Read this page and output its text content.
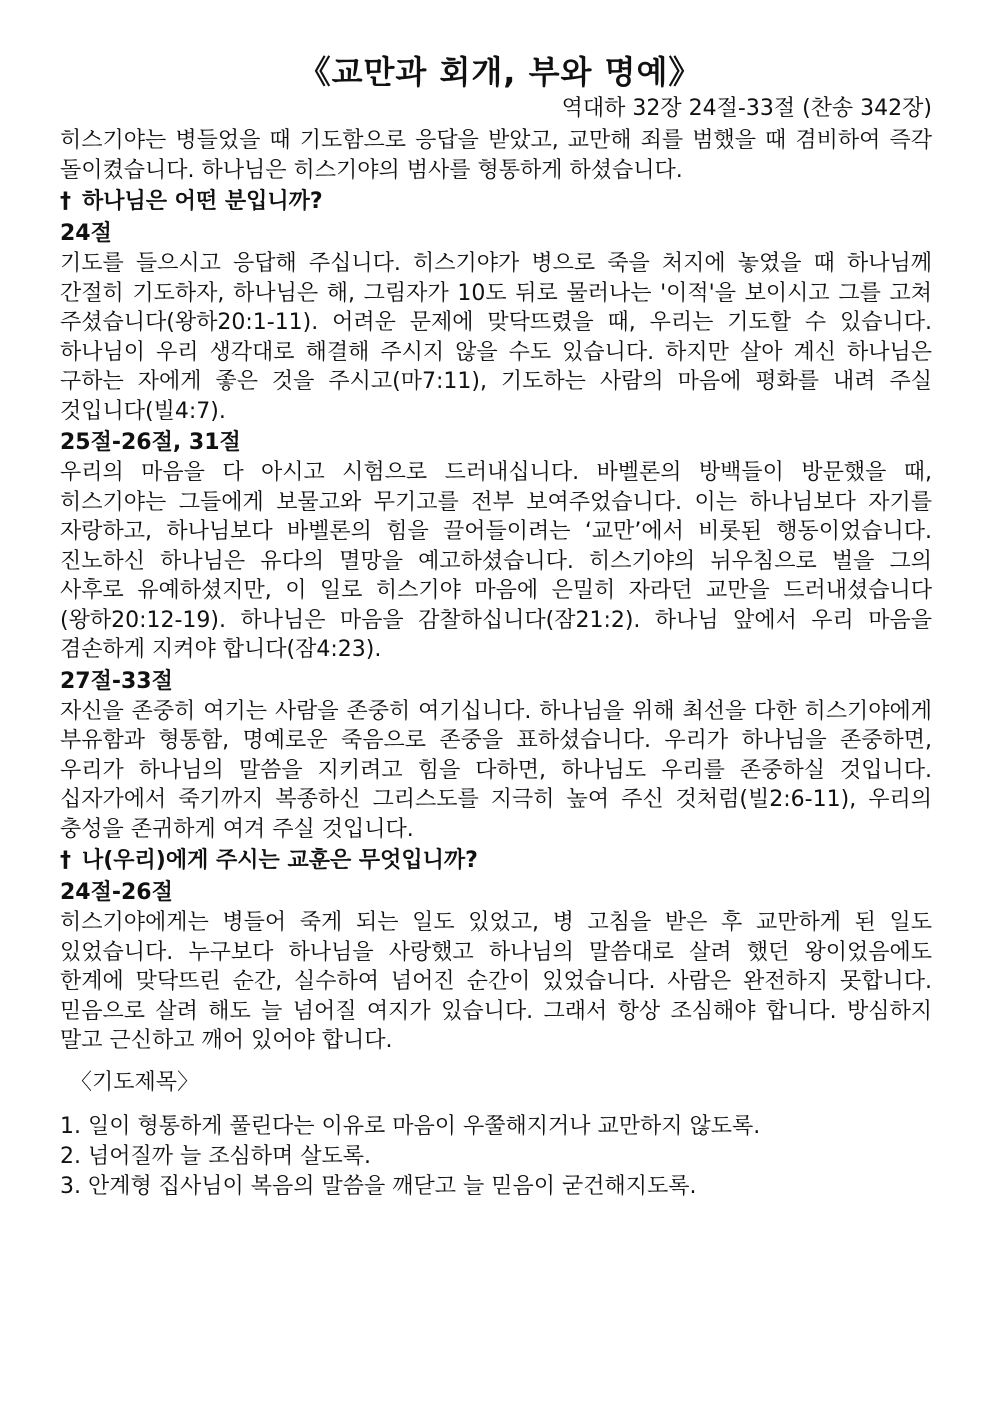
《교만과 회개, 부와 명예》

역대하 32장 24절-33절 (찬송 342장)

히스기야는 병들었을 때 기도함으로 응답을 받았고, 교만해 죄를 범했을 때 겸비하여 즉각 돌이켰습니다. 하나님은 히스기야의 범사를 형통하게 하셨습니다.

† 하나님은 어떤 분입니까?
24절

기도를 들으시고 응답해 주십니다. 히스기야가 병으로 죽을 처지에 놓였을 때 하나님께 간절히 기도하자, 하나님은 해, 그림자가 10도 뒤로 물러나는 '이적'을 보이시고 그를 고쳐 주셨습니다(왕하20:1-11). 어려운 문제에 맞닥뜨렸을 때, 우리는 기도할 수 있습니다. 하나님이 우리 생각대로 해결해 주시지 않을 수도 있습니다. 하지만 살아 계신 하나님은 구하는 자에게 좋은 것을 주시고(마7:11), 기도하는 사람의 마음에 평화를 내려 주실 것입니다(빌4:7).

25절-26절, 31절

우리의 마음을 다 아시고 시험으로 드러내십니다. 바벨론의 방백들이 방문했을 때, 히스기야는 그들에게 보물고와 무기고를 전부 보여주었습니다. 이는 하나님보다 자기를 자랑하고, 하나님보다 바벨론의 힘을 끌어들이려는 ‘교만’에서 비롯된 행동이었습니다. 진노하신 하나님은 유다의 멸망을 예고하셨습니다. 히스기야의 뉘우침으로 벌을 그의 사후로 유예하셨지만, 이 일로 히스기야 마음에 은밀히 자라던 교만을 드러내셨습니다(왕하20:12-19). 하나님은 마음을 감찰하십니다(잠21:2). 하나님 앞에서 우리 마음을 겸손하게 지켜야 합니다(잠4:23).

27절-33절

자신을 존중히 여기는 사람을 존중히 여기십니다. 하나님을 위해 최선을 다한 히스기야에게 부유함과 형통함, 명예로운 죽음으로 존중을 표하셨습니다. 우리가 하나님을 존중하면, 우리가 하나님의 말씀을 지키려고 힘을 다하면, 하나님도 우리를 존중하실 것입니다. 십자가에서 죽기까지 복종하신 그리스도를 지극히 높여 주신 것처럼(빌2:6-11), 우리의 충성을 존귀하게 여겨 주실 것입니다.

† 나(우리)에게 주시는 교훈은 무엇입니까?
24절-26절

히스기야에게는 병들어 죽게 되는 일도 있었고, 병 고침을 받은 후 교만하게 된 일도 있었습니다. 누구보다 하나님을 사랑했고 하나님의 말씀대로 살려 했던 왕이었음에도 한계에 맞닥뜨린 순간, 실수하여 넘어진 순간이 있었습니다. 사람은 완전하지 못합니다. 믿음으로 살려 해도 늘 넘어질 여지가 있습니다. 그래서 항상 조심해야 합니다. 방심하지 말고 근신하고 깨어 있어야 합니다.

〈기도제목〉

1. 일이 형통하게 풀린다는 이유로 마음이 우쭐해지거나 교만하지 않도록.

2. 넘어질까 늘 조심하며 살도록.

3. 안계형 집사님이 복음의 말씀을 깨닫고 늘 믿음이 굳건해지도록.
